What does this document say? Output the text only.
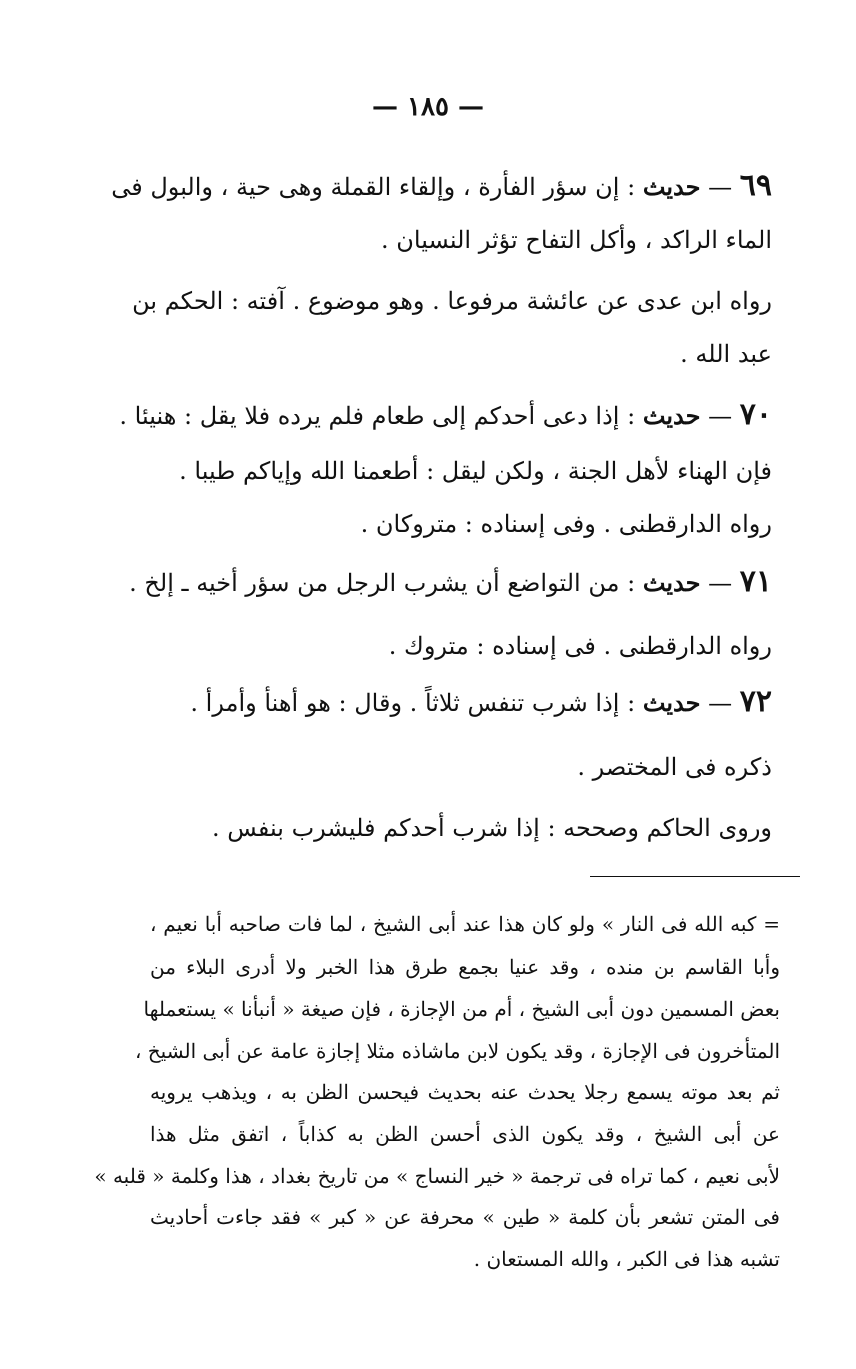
— ١٨٥ —
٦٩ — حديث : إن سؤر الفأرة ، وإلقاء القملة وهى حية ، والبول فى
الماء الراكد ، وأكل التفاح تؤثر النسيان .
رواه ابن عدى عن عائشة مرفوعا . وهو موضوع . آفته : الحكم بن
عبد الله .
٧٠ — حديث : إذا دعى أحدكم إلى طعام فلم يرده فلا يقل : هنيئا .
فإن الهناء لأهل الجنة ، ولكن ليقل : أطعمنا الله وإياكم طيبا .
رواه الدارقطنى . وفى إسناده : متروكان .
٧١ — حديث : من التواضع أن يشرب الرجل من سؤر أخيه ـ إلخ .
رواه الدارقطنى . فى إسناده : متروك .
٧٢ — حديث : إذا شرب تنفس ثلاثاً . وقال : هو أهنأ وأمرأ .
ذكره فى المختصر .
وروى الحاكم وصححه : إذا شرب أحدكم فليشرب بنفس .
= كبه الله فى النار » ولو كان هذا عند أبى الشيخ ، لما فات صاحبه أبا نعيم ،
وأبا القاسم بن منده ، وقد عنيا بجمع طرق هذا الخبر ولا أدرى البلاء من
بعض المسمين دون أبى الشيخ ، أم من الإجازة ، فإن صيغة « أنبأنا » يستعملها
المتأخرون فى الإجازة ، وقد يكون لابن ماشاذه مثلا إجازة عامة عن أبى الشيخ ،
ثم بعد موته يسمع رجلا يحدث عنه بحديث فيحسن الظن به ، ويذهب يرويه
عن أبى الشيخ ، وقد يكون الذى أحسن الظن به كذاباً ، اتفق مثل هذا
لأبى نعيم ، كما تراه فى ترجمة « خير النساج » من تاريخ بغداد ، هذا وكلمة « قلبه »
فى المتن تشعر بأن كلمة « طين » محرفة عن « كبر » فقد جاءت أحاديث
تشبه هذا فى الكبر ، والله المستعان .
